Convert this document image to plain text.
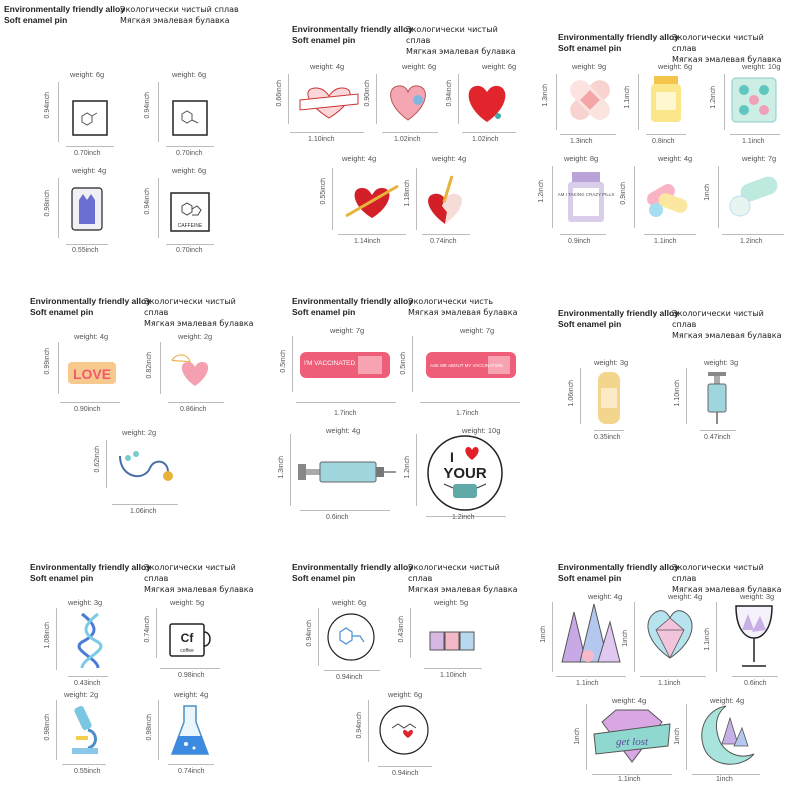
Environmentally friendly alloy
Soft enamel pin
Экологически чистый сплав
Мягкая эмалевая булавка
weight: 6g
0.94inch
0.70inch
weight: 6g
0.94inch
0.70inch
weight: 4g
0.98inch
0.55inch
weight: 6g
0.94inch
CAFFEINE
0.70inch
Environmentally friendly alloy
Soft enamel pin
Экологически чистый сплав
Мягкая эмалевая булавка
weight: 4g
0.66inch
1.10inch
weight: 6g
0.90inch
1.02inch
weight: 6g
0.94inch
1.02inch
weight: 4g
0.55inch
1.14inch
weight: 4g
1.18inch
0.74inch
Environmentally friendly alloy
Soft enamel pin
Экологически чистый сплав
Мягкая эмалевая булавка
weight: 9g
1.3inch
1.3inch
weight: 6g
1.1inch
0.8inch
weight: 10g
1.2inch
1.1inch
weight: 8g
1.2inch	AM I TAKING CRAZY PILLS
0.9inch
weight: 4g
0.9inch
1.1inch
weight: 7g
1inch
1.2inch
Environmentally friendly alloy
Soft enamel pin
Экологически чистый сплав
Мягкая эмалевая булавка
weight: 4g
0.99inch LOVE
0.90inch
weight: 2g
0.82inch
0.86inch
weight: 2g
0.62inch
1.06inch
Environmentally friendly alloy
Soft enamel pin
Экологически чисть
Мягкая эмалевая булавка
weight: 7g
0.5inch	I'M VACCINATED
1.7inch
weight: 7g
0.5inch	ASK ME ABOUT MY VACCINATION
1.7inch
weight: 4g
1.3inch
0.6inch
weight: 10g
1.2inch	I
YOUR
1.2inch
Environmentally friendly alloy
Soft enamel pin
Экологически чистый сплав
Мягкая эмалевая булавка
weight: 3g
1.06inch
0.35inch
weight: 3g
1.10inch
0.47inch
Environmentally friendly alloy
Soft enamel pin
Экологически чистый сплав
Мягкая эмалевая булавка
weight: 3g
1.08inch
0.43inch
weight: 5g
0.74inch Cf
coffee
0.98inch
weight: 2g
0.98inch
0.55inch
weight: 4g
0.98inch
0.74inch
Environmentally friendly alloy
Soft enamel pin
Экологически чистый сплав
Мягкая эмалевая булавка
weight: 6g
0.94inch
0.94inch
weight: 5g
0.43inch
1.10inch
weight: 6g
0.94inch
0.94inch
Environmentally friendly alloy
Soft enamel pin
Экологически чистый сплав
Мягкая эмалевая булавка
weight: 4g
1inch
1.1inch
weight: 4g
1inch
1.1inch
weight: 3g
1.1inch
0.6inch
weight: 4g
1inch	get lost
1.1inch
weight: 4g
1inch
1inch
